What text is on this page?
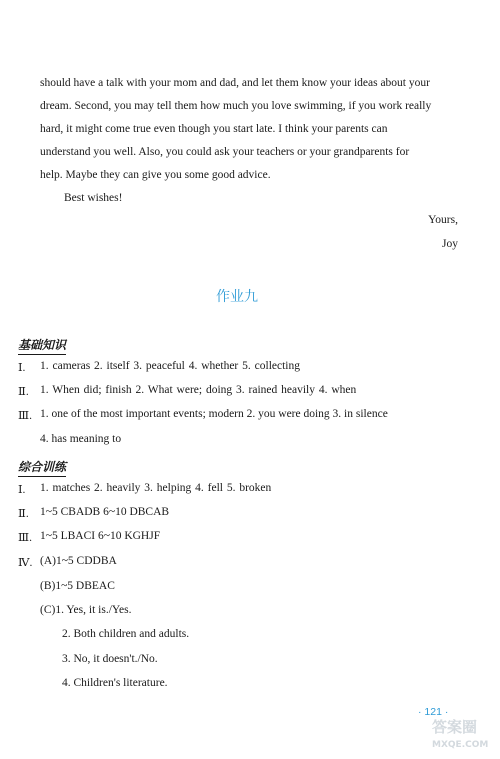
should have a talk with your mom and dad, and let them know your ideas about your
dream. Second, you may tell them how much you love swimming, if you work really
hard, it might come true even though you start late. I think your parents can
understand you well. Also, you could ask your teachers or your grandparents for
help. Maybe they can give you some good advice.
Best wishes!
Yours,
Joy
作业九
基础知识
Ⅰ. 1. cameras 2. itself 3. peaceful 4. whether 5. collecting
Ⅱ. 1. When did; finish 2. What were; doing 3. rained heavily 4. when
Ⅲ. 1. one of the most important events; modern 2. you were doing 3. in silence
4. has meaning to
综合训练
Ⅰ. 1. matches 2. heavily 3. helping 4. fell 5. broken
Ⅱ. 1~5 CBADB 6~10 DBCAB
Ⅲ. 1~5 LBACI 6~10 KGHJF
Ⅳ. (A)1~5 CDDBA
(B)1~5 DBEAC
(C)1. Yes, it is./Yes.
2. Both children and adults.
3. No, it doesn't./No.
4. Children's literature.
· 121 ·
答案圈
MXQE.COM
